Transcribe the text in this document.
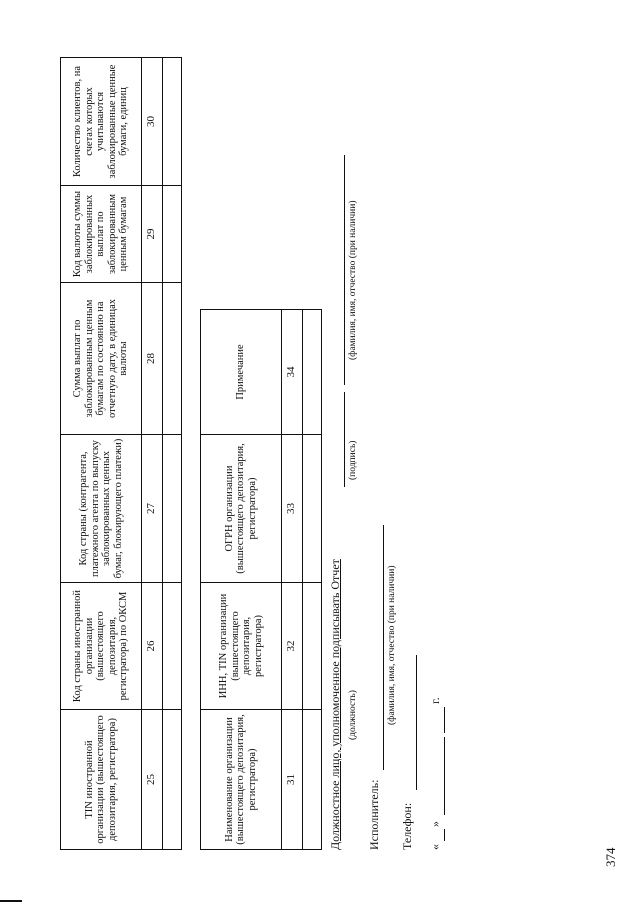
374
TIN иностранной организации (вышестоящего депозитария, регистратора)	Код страны иностранной организации (вышестоящего депозитария, регистратора) по ОКСМ	Код страны (контрагента, платежного агента по выпуску заблокированных ценных бумаг, блокирующего платежи)	Сумма выплат по заблокированным ценным бумагам по состоянию на отчетную дату, в единицах валюты	Код валюты суммы заблокированных выплат по заблокированным ценным бумагам	Количество клиентов, на счетах которых учитываются заблокированные ценные бумаги, единиц
25	26	27	28	29	30

Наименование организации (вышестоящего депозитария, регистратора)	ИНН, TIN организации (вышестоящего депозитария, регистратора)	ОГРН организации (вышестоящего депозитария, регистратора)	Примечание
31	32	33	34

Должностное лицо, уполномоченное подписывать Отчет (должность)
(подпись)
(фамилия, имя, отчество (при наличии)
Исполнитель:
(фамилия, имя, отчество (при наличии)
Телефон: «
»
г.
